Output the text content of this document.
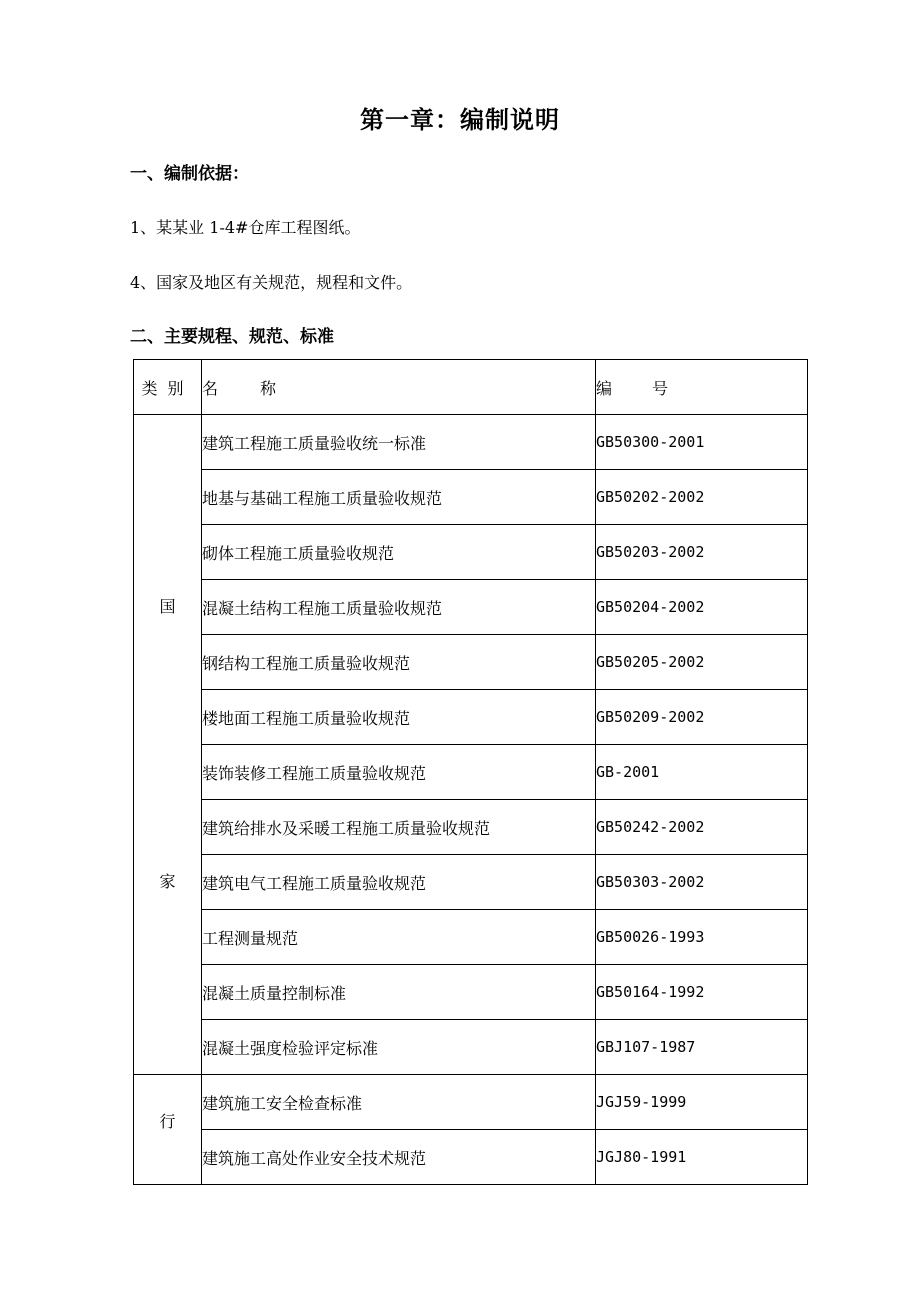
第一章：编制说明
一、编制依据：
1、某某业 1-4#仓库工程图纸。
4、国家及地区有关规范，规程和文件。
二、主要规程、规范、标准
类别	名称	编号

国
家	建筑工程施工质量验收统一标准	GB50300-2001
	地基与基础工程施工质量验收规范	GB50202-2002
	砌体工程施工质量验收规范	GB50203-2002
	混凝土结构工程施工质量验收规范	GB50204-2002
	钢结构工程施工质量验收规范	GB50205-2002
	楼地面工程施工质量验收规范	GB50209-2002
	装饰装修工程施工质量验收规范	GB-2001
	建筑给排水及采暖工程施工质量验收规范	GB50242-2002
	建筑电气工程施工质量验收规范	GB50303-2002
	工程测量规范	GB50026-1993
	混凝土质量控制标准	GB50164-1992
	混凝土强度检验评定标准	GBJ107-1987

行	建筑施工安全检查标准	JGJ59-1999
	建筑施工高处作业安全技术规范	JGJ80-1991
